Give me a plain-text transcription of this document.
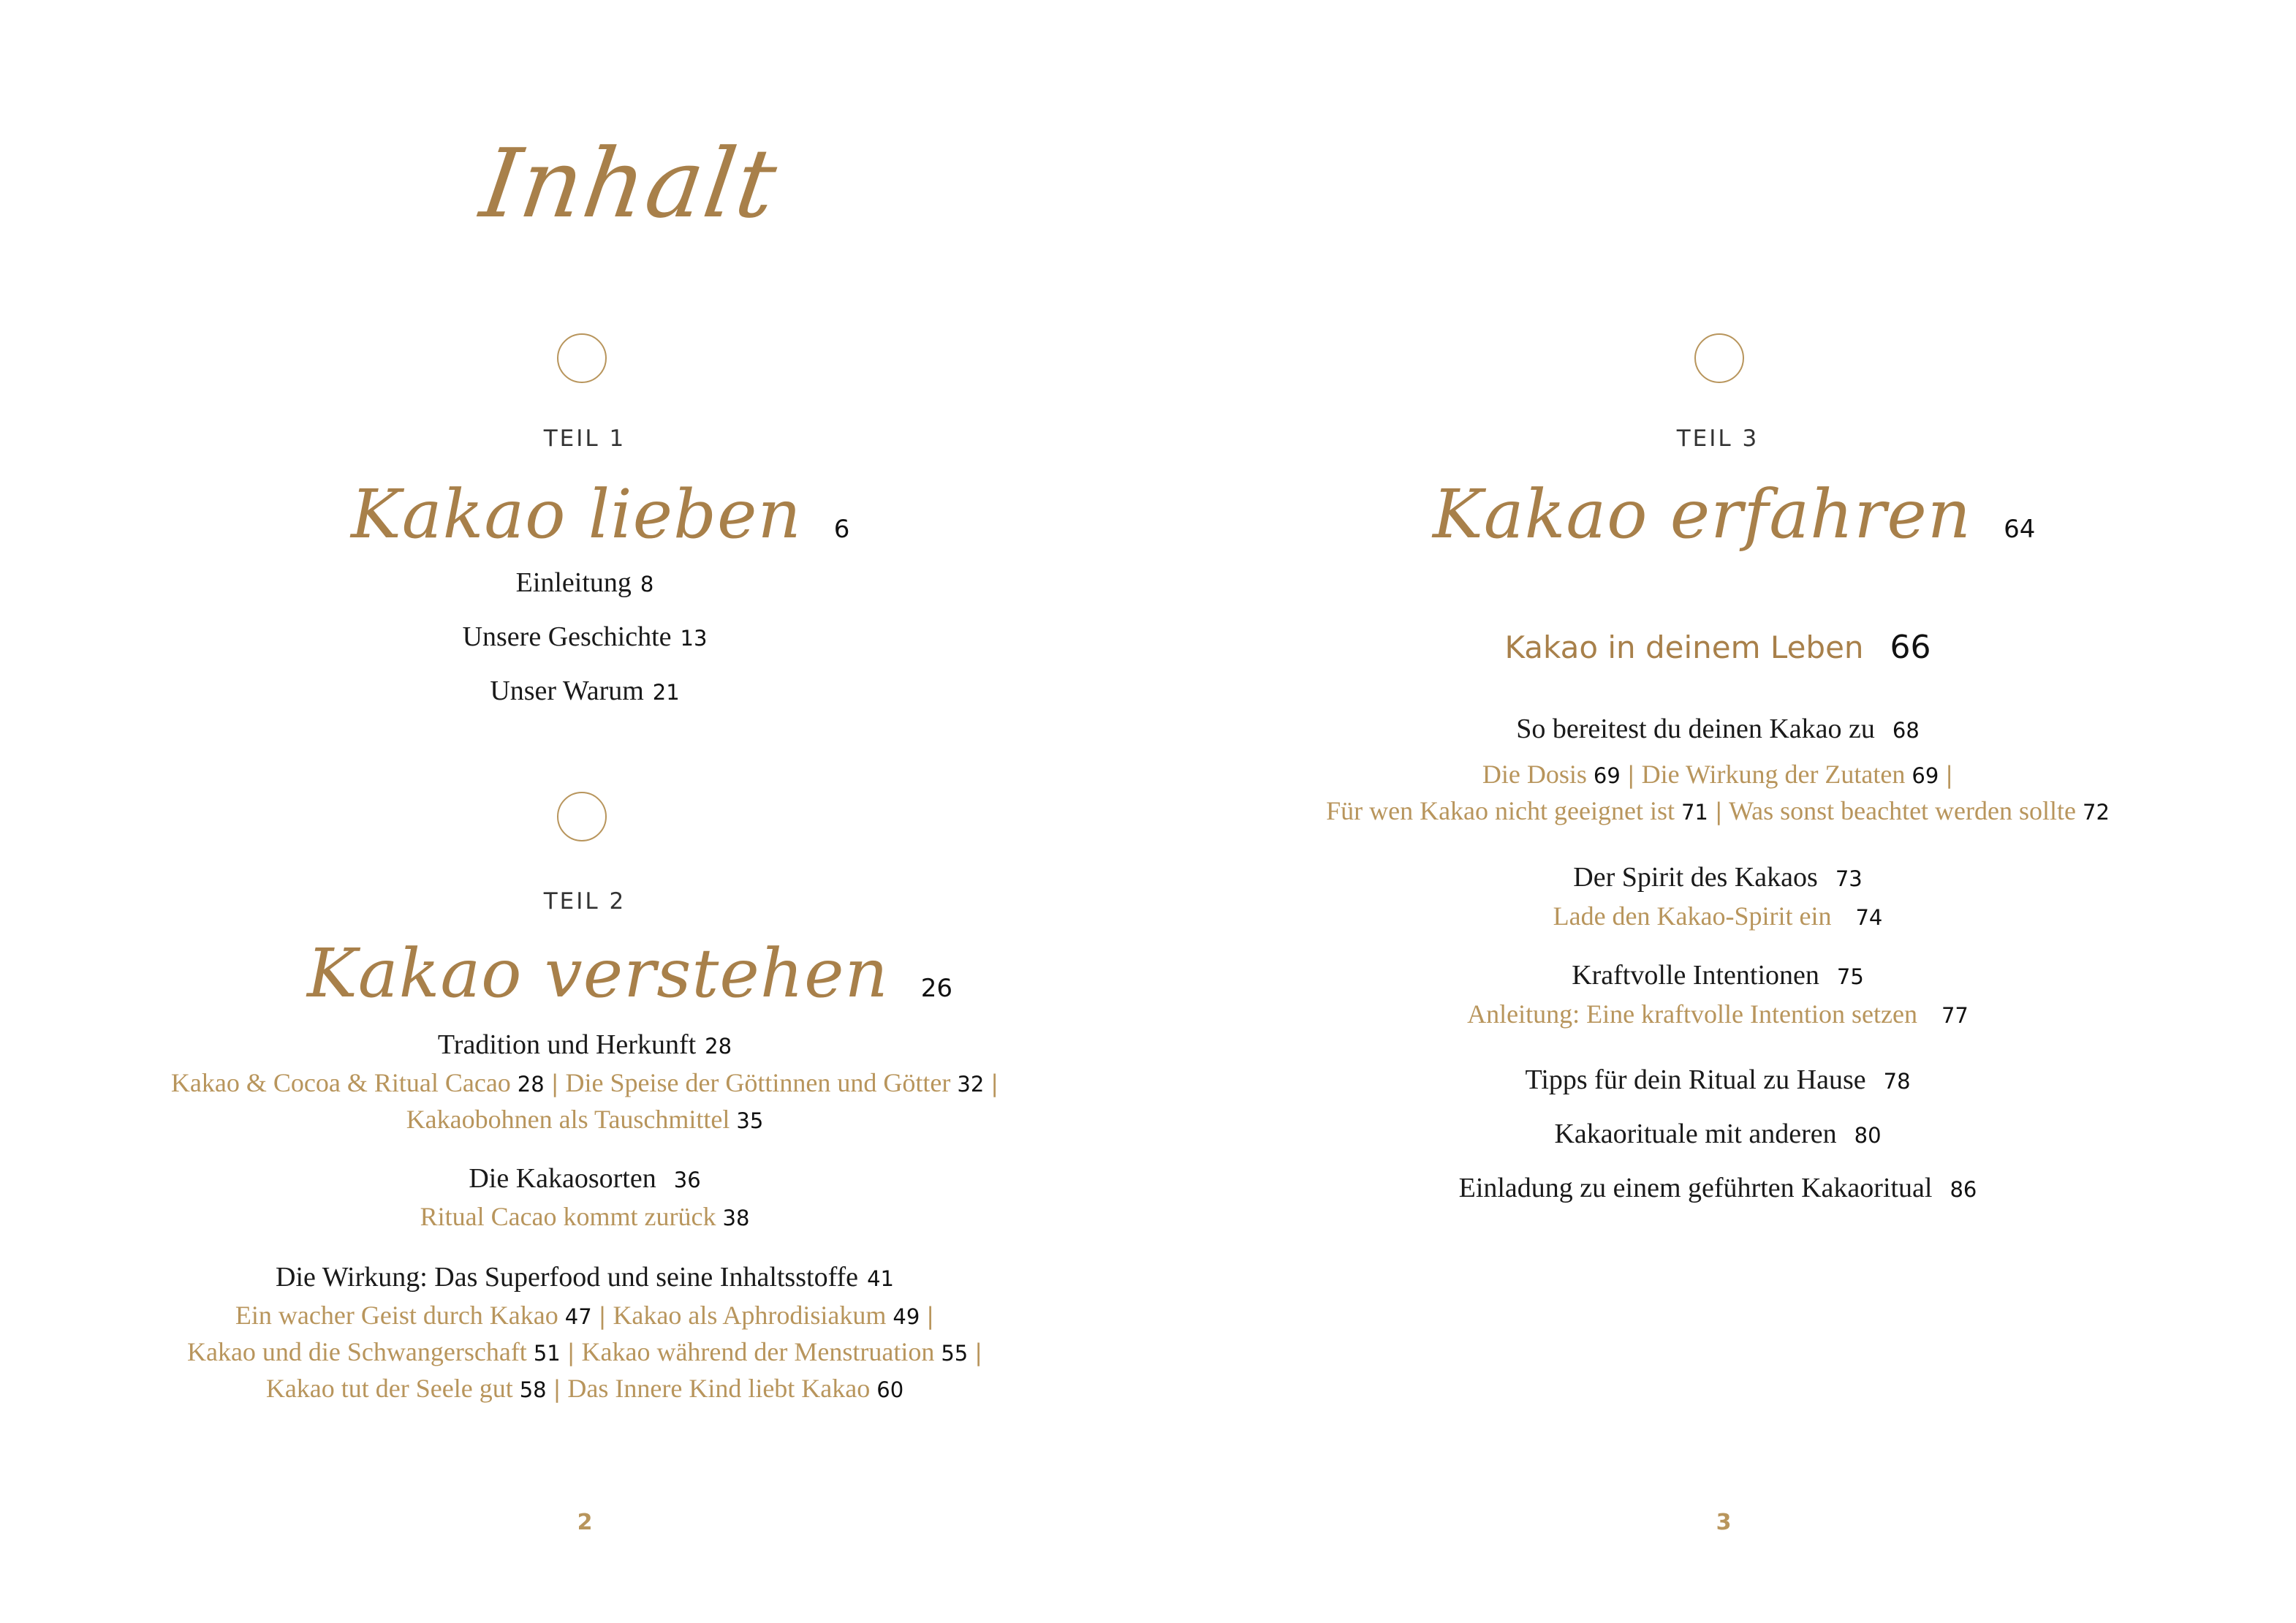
Inhalt
TEIL 1
Kakao lieben 6
Einleitung 8
Unsere Geschichte 13
Unser Warum 21
TEIL 2
Kakao verstehen 26
Tradition und Herkunft 28
Kakao & Cocoa & Ritual Cacao 28 | Die Speise der Göttinnen und Götter 32 |
Kakaobohnen als Tauschmittel 35
Die Kakaosorten 36
Ritual Cacao kommt zurück 38
Die Wirkung: Das Superfood und seine Inhaltsstoffe 41
Ein wacher Geist durch Kakao 47 | Kakao als Aphrodisiakum 49 |
Kakao und die Schwangerschaft 51 | Kakao während der Menstruation 55 |
Kakao tut der Seele gut 58 | Das Innere Kind liebt Kakao 60
2
TEIL 3
Kakao erfahren 64
Kakao in deinem Leben 66
So bereitest du deinen Kakao zu 68
Die Dosis 69 | Die Wirkung der Zutaten 69 |
Für wen Kakao nicht geeignet ist 71 | Was sonst beachtet werden sollte 72
Der Spirit des Kakaos 73
Lade den Kakao-Spirit ein 74
Kraftvolle Intentionen 75
Anleitung: Eine kraftvolle Intention setzen 77
Tipps für dein Ritual zu Hause 78
Kakaorituale mit anderen 80
Einladung zu einem geführten Kakaoritual 86
3
